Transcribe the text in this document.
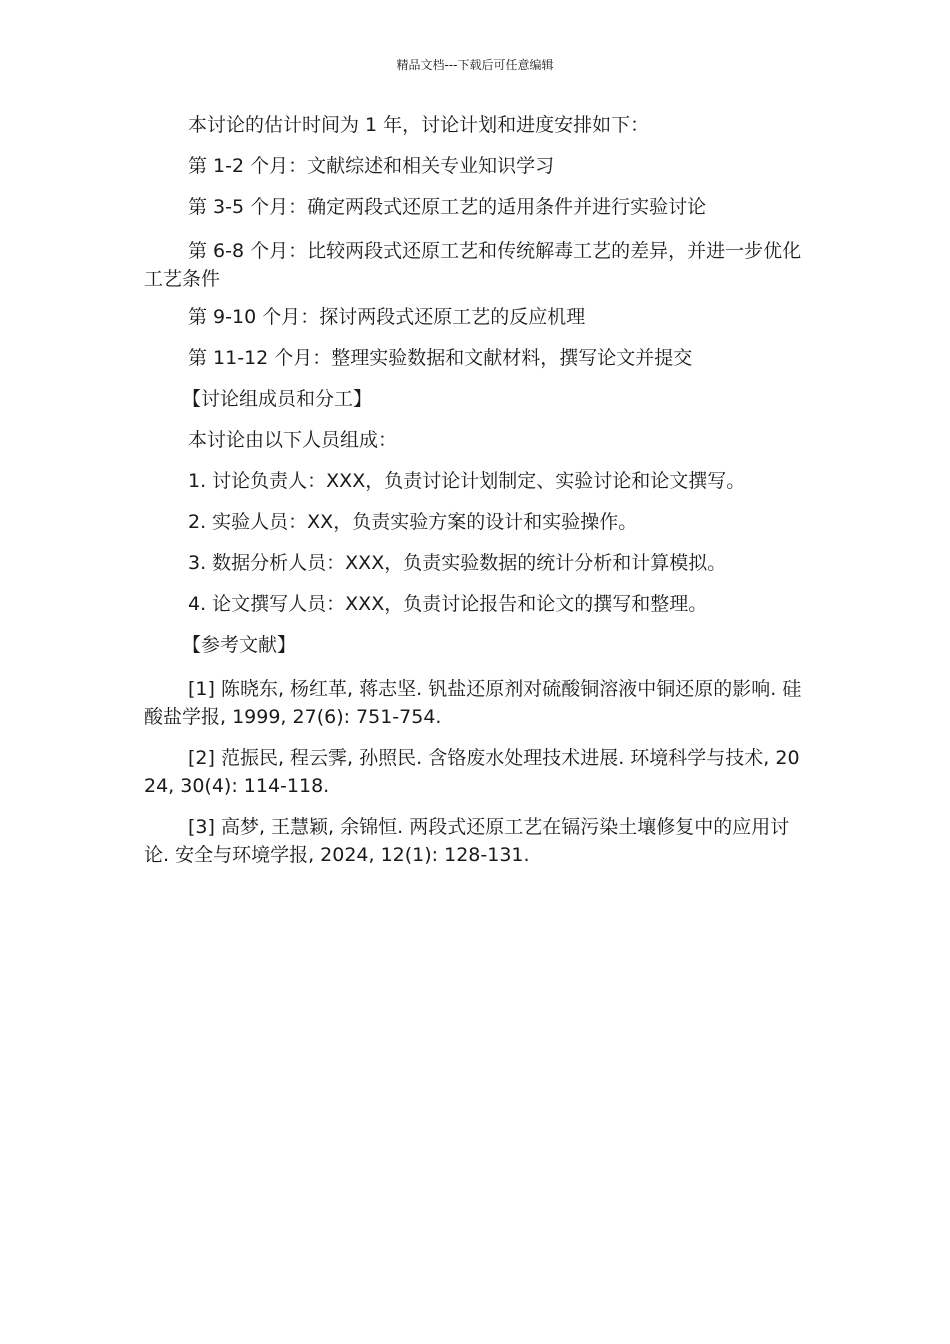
精品文档---下载后可任意编辑

本讨论的估计时间为 1 年，讨论计划和进度安排如下：

第 1-2 个月：文献综述和相关专业知识学习

第 3-5 个月：确定两段式还原工艺的适用条件并进行实验讨论

第 6-8 个月：比较两段式还原工艺和传统解毒工艺的差异，并进一步优化工艺条件

第 9-10 个月：探讨两段式还原工艺的反应机理

第 11-12 个月：整理实验数据和文献材料，撰写论文并提交

【讨论组成员和分工】

本讨论由以下人员组成：

1. 讨论负责人：XXX，负责讨论计划制定、实验讨论和论文撰写。

2. 实验人员：XX，负责实验方案的设计和实验操作。

3. 数据分析人员：XXX，负责实验数据的统计分析和计算模拟。

4. 论文撰写人员：XXX，负责讨论报告和论文的撰写和整理。

【参考文献】

[1] 陈晓东, 杨红革, 蒋志坚. 钒盐还原剂对硫酸铜溶液中铜还原的影响. 硅酸盐学报, 1999, 27(6): 751-754.

[2] 范振民, 程云霁, 孙照民. 含铬废水处理技术进展. 环境科学与技术, 2024, 30(4): 114-118.

[3] 高梦, 王慧颖, 余锦恒. 两段式还原工艺在镉污染土壤修复中的应用讨论. 安全与环境学报, 2024, 12(1): 128-131.
